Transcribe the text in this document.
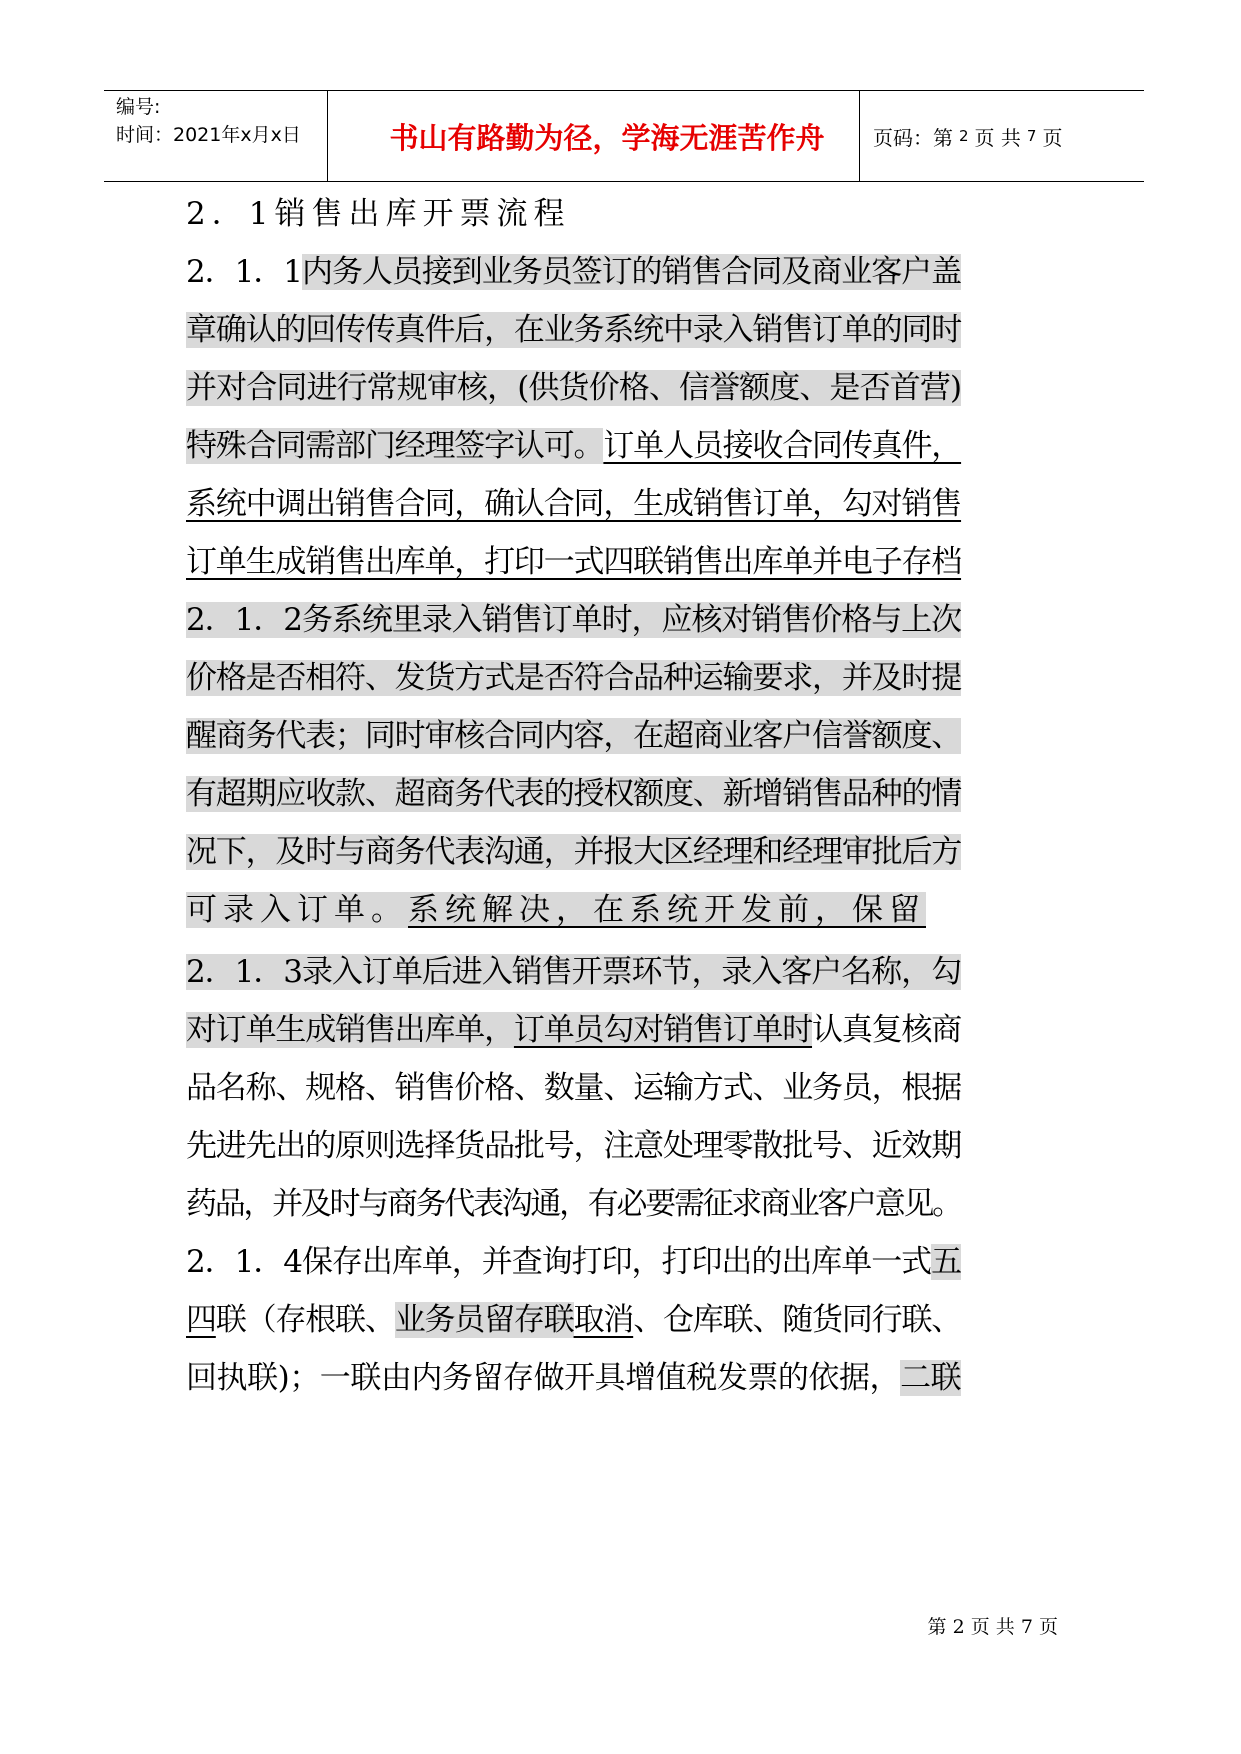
编号:
时间：2021年x月x日	书山有路勤为径，学海无涯苦作舟	页码：第 2 页 共 7 页
2．1销售出库开票流程
2．1．1内务人员接到业务员签订的销售合同及商业客户盖
章确认的回传传真件后，在业务系统中录入销售订单的同时
并对合同进行常规审核，(供货价格、信誉额度、是否首营)
特殊合同需部门经理签字认可。订单人员接收合同传真件，
系统中调出销售合同，确认合同，生成销售订单，勾对销售
订单生成销售出库单，打印一式四联销售出库单并电子存档
2．1．2务系统里录入销售订单时，应核对销售价格与上次
价格是否相符、发货方式是否符合品种运输要求，并及时提
醒商务代表；同时审核合同内容，在超商业客户信誉额度、
有超期应收款、超商务代表的授权额度、新增销售品种的情
况下，及时与商务代表沟通，并报大区经理和经理审批后方
可录入订单。系统解决，在系统开发前，保留
2．1．3录入订单后进入销售开票环节，录入客户名称，勾
对订单生成销售出库单，订单员勾对销售订单时认真复核商
品名称、规格、销售价格、数量、运输方式、业务员，根据
先进先出的原则选择货品批号，注意处理零散批号、近效期
药品，并及时与商务代表沟通，有必要需征求商业客户意见。
2．1．4保存出库单，并查询打印，打印出的出库单一式五
四联（存根联、业务员留存联取消、仓库联、随货同行联、
回执联)；一联由内务留存做开具增值税发票的依据，二联
第 2 页 共 7 页
